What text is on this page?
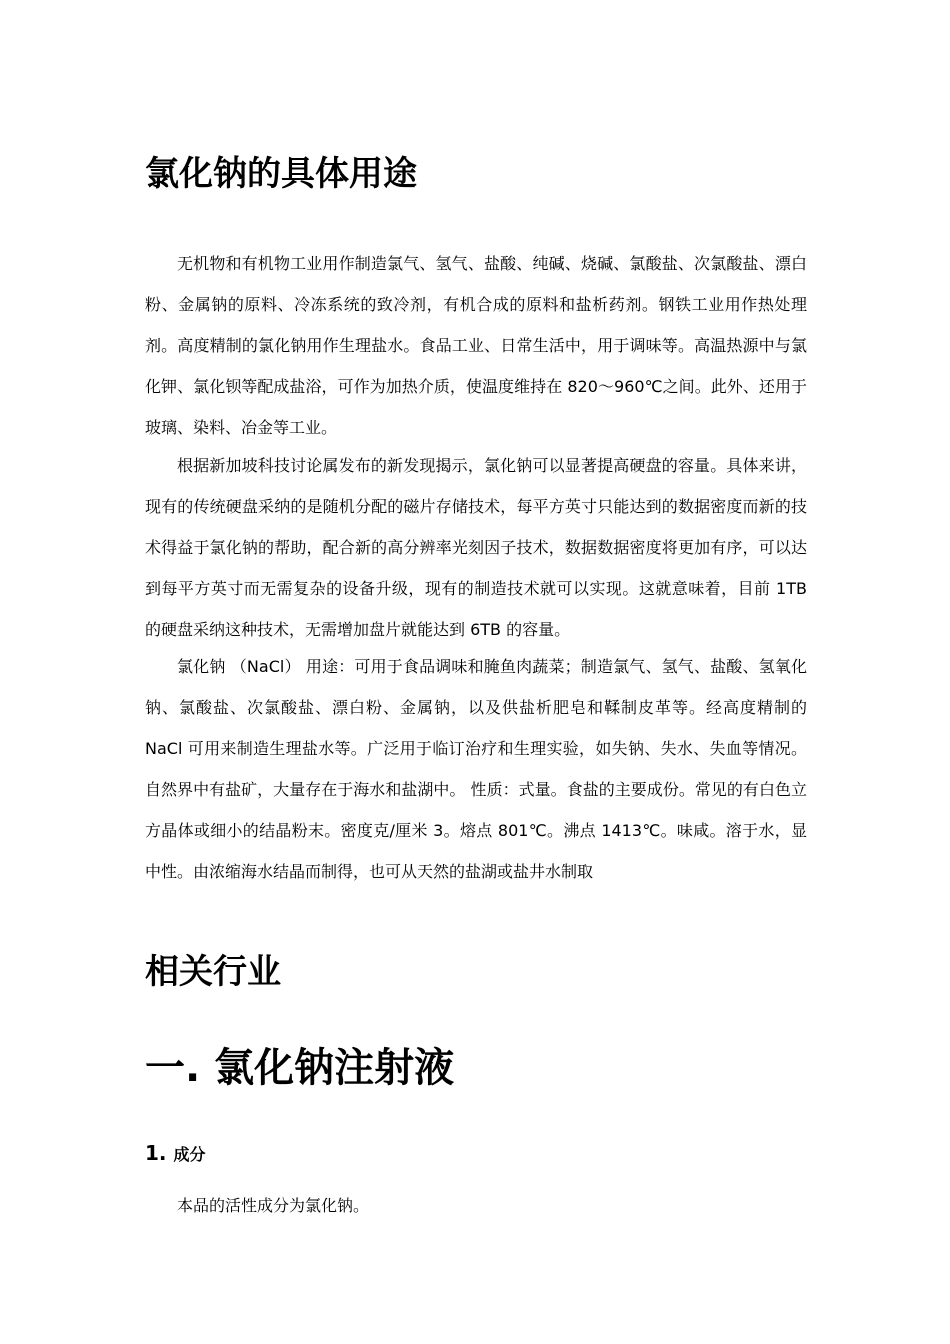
氯化钠的具体用途

无机物和有机物工业用作制造氯气、氢气、盐酸、纯碱、烧碱、氯酸盐、次氯酸盐、漂白粉、金属钠的原料、冷冻系统的致冷剂，有机合成的原料和盐析药剂。钢铁工业用作热处理剂。高度精制的氯化钠用作生理盐水。食品工业、日常生活中，用于调味等。高温热源中与氯化钾、氯化钡等配成盐浴，可作为加热介质，使温度维持在 820～960℃之间。此外、还用于玻璃、染料、冶金等工业。

根据新加坡科技讨论属发布的新发现揭示，氯化钠可以显著提高硬盘的容量。具体来讲，现有的传统硬盘采纳的是随机分配的磁片存储技术，每平方英寸只能达到的数据密度而新的技术得益于氯化钠的帮助，配合新的高分辨率光刻因子技术，数据数据密度将更加有序，可以达到每平方英寸而无需复杂的设备升级，现有的制造技术就可以实现。这就意味着，目前 1TB 的硬盘采纳这种技术，无需增加盘片就能达到 6TB 的容量。

氯化钠 （NaCl） 用途：可用于食品调味和腌鱼肉蔬菜；制造氯气、氢气、盐酸、氢氧化钠、氯酸盐、次氯酸盐、漂白粉、金属钠，以及供盐析肥皂和鞣制皮革等。经高度精制的 NaCl 可用来制造生理盐水等。广泛用于临订治疗和生理实验，如失钠、失水、失血等情况。自然界中有盐矿，大量存在于海水和盐湖中。 性质：式量。食盐的主要成份。常见的有白色立方晶体或细小的结晶粉末。密度克/厘米 3。熔点 801℃。沸点 1413℃。味咸。溶于水，显中性。由浓缩海水结晶而制得，也可从天然的盐湖或盐井水制取

相关行业
一. 氯化钠注射液
1. 成分

本品的活性成分为氯化钠。
